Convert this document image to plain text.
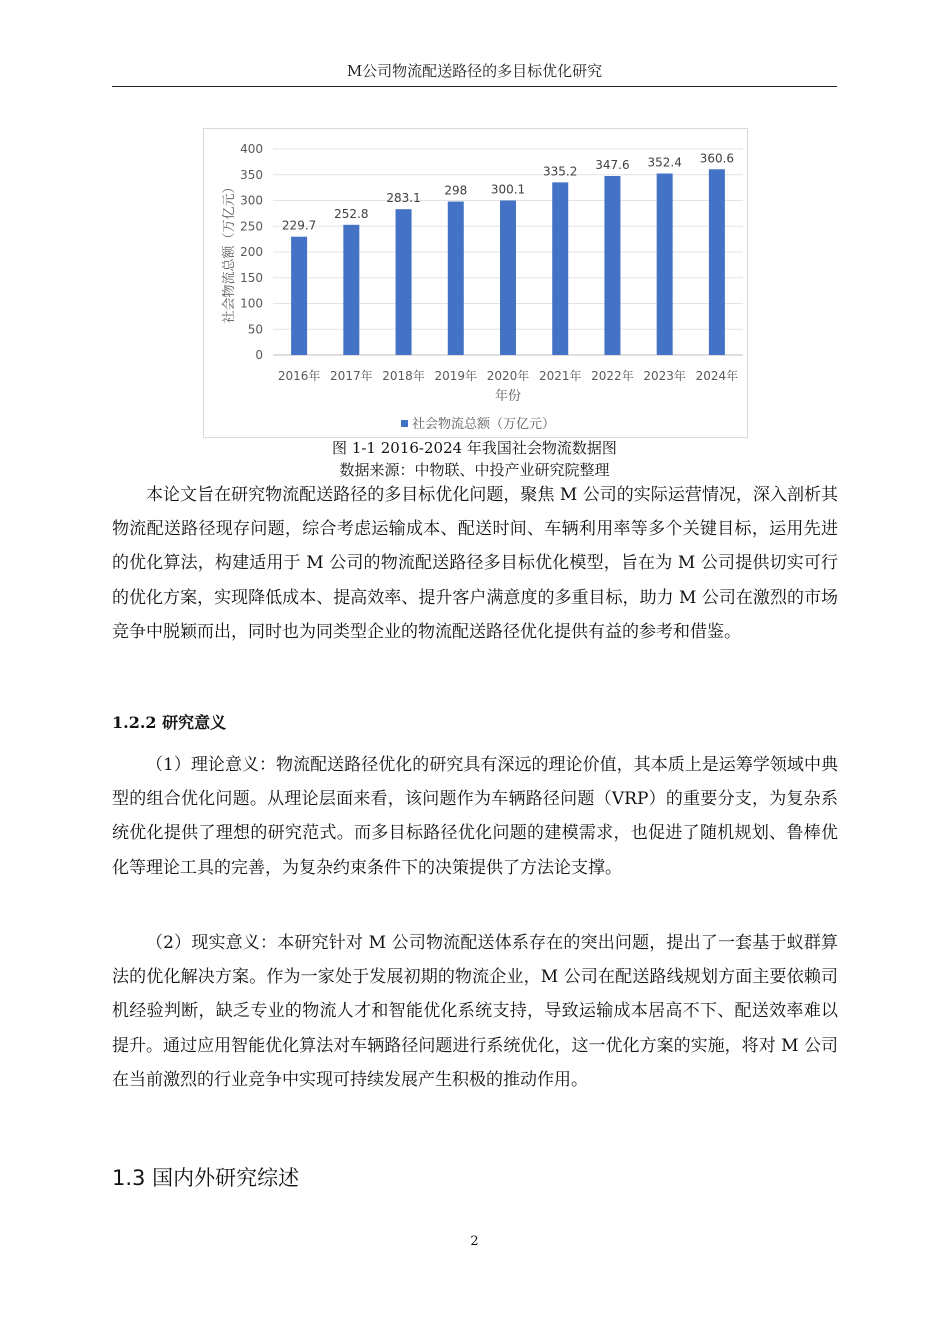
M公司物流配送路径的多目标优化研究
0
50
100
150
200
250
300
350
400
229.7
2016年
252.8
2017年
283.1
2018年
298
2019年
300.1
2020年
335.2
2021年
347.6
2022年
352.4
2023年
360.6
2024年
年份
社会物流总额（万亿元）
社会物流总额（万亿元）
图 1-1 2016-2024 年我国社会物流数据图
数据来源：中物联、中投产业研究院整理

本论文旨在研究物流配送路径的多目标优化问题，聚焦 M 公司的实际运营情况，深入剖析其物流配送路径现存问题，综合考虑运输成本、配送时间、车辆利用率等多个关键目标，运用先进的优化算法，构建适用于 M 公司的物流配送路径多目标优化模型，旨在为 M 公司提供切实可行的优化方案，实现降低成本、提高效率、提升客户满意度的多重目标，助力 M 公司在激烈的市场竞争中脱颖而出，同时也为同类型企业的物流配送路径优化提供有益的参考和借鉴。

1.2.2 研究意义

（1）理论意义：物流配送路径优化的研究具有深远的理论价值，其本质上是运筹学领域中典型的组合优化问题。从理论层面来看，该问题作为车辆路径问题（VRP）的重要分支，为复杂系统优化提供了理想的研究范式。而多目标路径优化问题的建模需求，也促进了随机规划、鲁棒优化等理论工具的完善，为复杂约束条件下的决策提供了方法论支撑。

（2）现实意义：本研究针对 M 公司物流配送体系存在的突出问题，提出了一套基于蚁群算法的优化解决方案。作为一家处于发展初期的物流企业，M 公司在配送路线规划方面主要依赖司机经验判断，缺乏专业的物流人才和智能优化系统支持，导致运输成本居高不下、配送效率难以提升。通过应用智能优化算法对车辆路径问题进行系统优化，这一优化方案的实施，将对 M 公司在当前激烈的行业竞争中实现可持续发展产生积极的推动作用。

1.3 国内外研究综述
2
